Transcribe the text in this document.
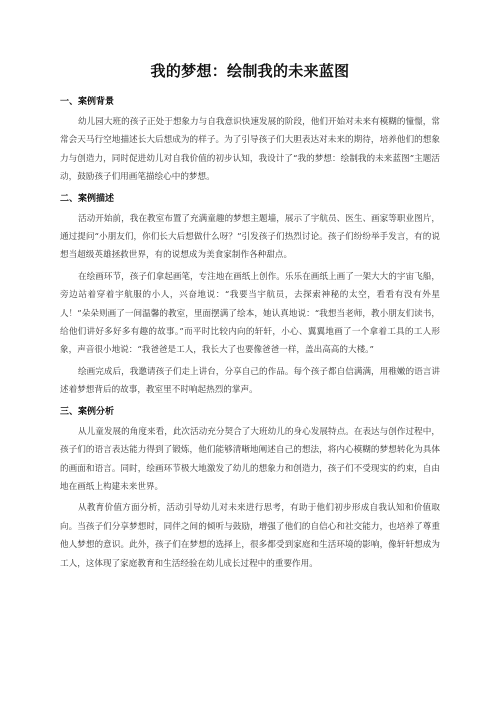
我的梦想：绘制我的未来蓝图
一、案例背景

幼儿园大班的孩子正处于想象力与自我意识快速发展的阶段，他们开始对未来有模糊的憧憬，常常会天马行空地描述长大后想成为的样子。为了引导孩子们大胆表达对未来的期待，培养他们的想象力与创造力，同时促进幼儿对自我价值的初步认知，我设计了“我的梦想：绘制我的未来蓝图”主题活动，鼓励孩子们用画笔描绘心中的梦想。

二、案例描述

活动开始前，我在教室布置了充满童趣的梦想主题墙，展示了宇航员、医生、画家等职业图片，通过提问“小朋友们，你们长大后想做什么呀？”引发孩子们热烈讨论。孩子们纷纷举手发言，有的说想当超级英雄拯救世界，有的说想成为美食家制作各种甜点。

在绘画环节，孩子们拿起画笔，专注地在画纸上创作。乐乐在画纸上画了一架大大的宇宙飞船，旁边站着穿着宇航服的小人，兴奋地说：“我要当宇航员，去探索神秘的太空，看看有没有外星人！”朵朵则画了一间温馨的教室，里面摆满了绘本，她认真地说：“我想当老师，教小朋友们读书，给他们讲好多好多有趣的故事。”而平时比较内向的轩轩，小心、翼翼地画了一个拿着工具的工人形象，声音很小地说：“我爸爸是工人，我长大了也要像爸爸一样，盖出高高的大楼。”

绘画完成后，我邀请孩子们走上讲台，分享自己的作品。每个孩子都自信满满，用稚嫩的语言讲述着梦想背后的故事，教室里不时响起热烈的掌声。

三、案例分析

从儿童发展的角度来看，此次活动充分契合了大班幼儿的身心发展特点。在表达与创作过程中，孩子们的语言表达能力得到了锻炼，他们能够清晰地阐述自己的想法，将内心模糊的梦想转化为具体的画面和语言。同时，绘画环节极大地激发了幼儿的想象力和创造力，孩子们不受现实的约束，自由地在画纸上构建未来世界。

从教育价值方面分析，活动引导幼儿对未来进行思考，有助于他们初步形成自我认知和价值取向。当孩子们分享梦想时，同伴之间的倾听与鼓励，增强了他们的自信心和社交能力，也培养了尊重他人梦想的意识。此外，孩子们在梦想的选择上，很多都受到家庭和生活环境的影响，像轩轩想成为工人，这体现了家庭教育和生活经验在幼儿成长过程中的重要作用。
